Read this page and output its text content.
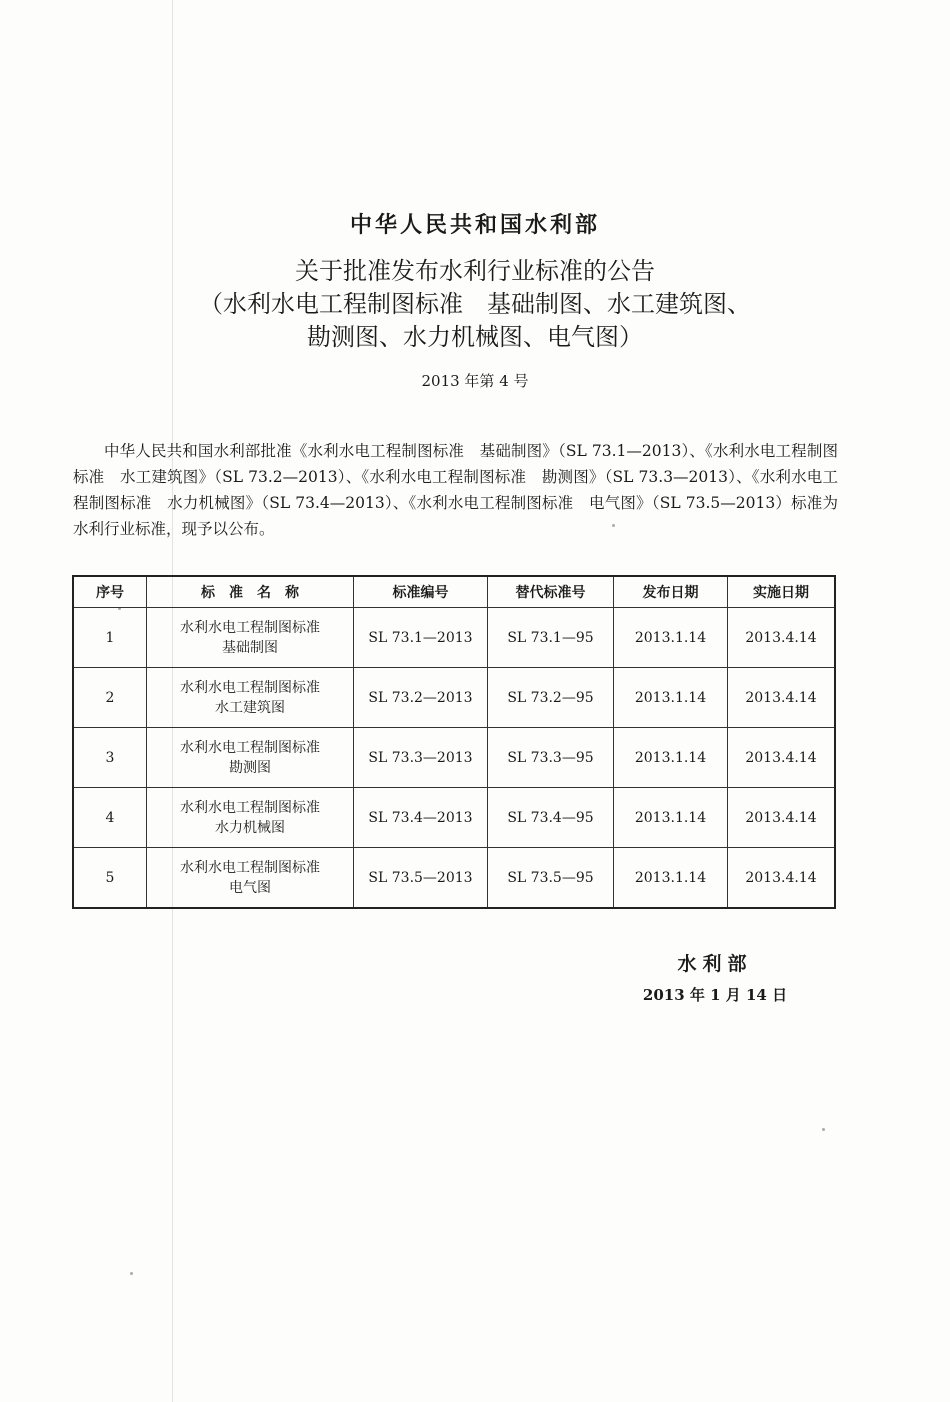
中华人民共和国水利部
关于批准发布水利行业标准的公告
（水利水电工程制图标准　基础制图、水工建筑图、
勘测图、水力机械图、电气图）
2013 年第 4 号
中华人民共和国水利部批准《水利水电工程制图标准　基础制图》（SL 73.1—2013）、《水利水电工程制图标准　水工建筑图》（SL 73.2—2013）、《水利水电工程制图标准　勘测图》（SL 73.3—2013）、《水利水电工程制图标准　水力机械图》（SL 73.4—2013）、《水利水电工程制图标准　电气图》（SL 73.5—2013）标准为水利行业标准，现予以公布。
序号	标　准　名　称	标准编号	替代标准号	发布日期	实施日期
1	水利水电工程制图标准
基础制图	SL 73.1—2013	SL 73.1—95	2013.1.14	2013.4.14
2	水利水电工程制图标准
水工建筑图	SL 73.2—2013	SL 73.2—95	2013.1.14	2013.4.14
3	水利水电工程制图标准
勘测图	SL 73.3—2013	SL 73.3—95	2013.1.14	2013.4.14
4	水利水电工程制图标准
水力机械图	SL 73.4—2013	SL 73.4—95	2013.1.14	2013.4.14
5	水利水电工程制图标准
电气图	SL 73.5—2013	SL 73.5—95	2013.1.14	2013.4.14
水利部
2013 年 1 月 14 日
